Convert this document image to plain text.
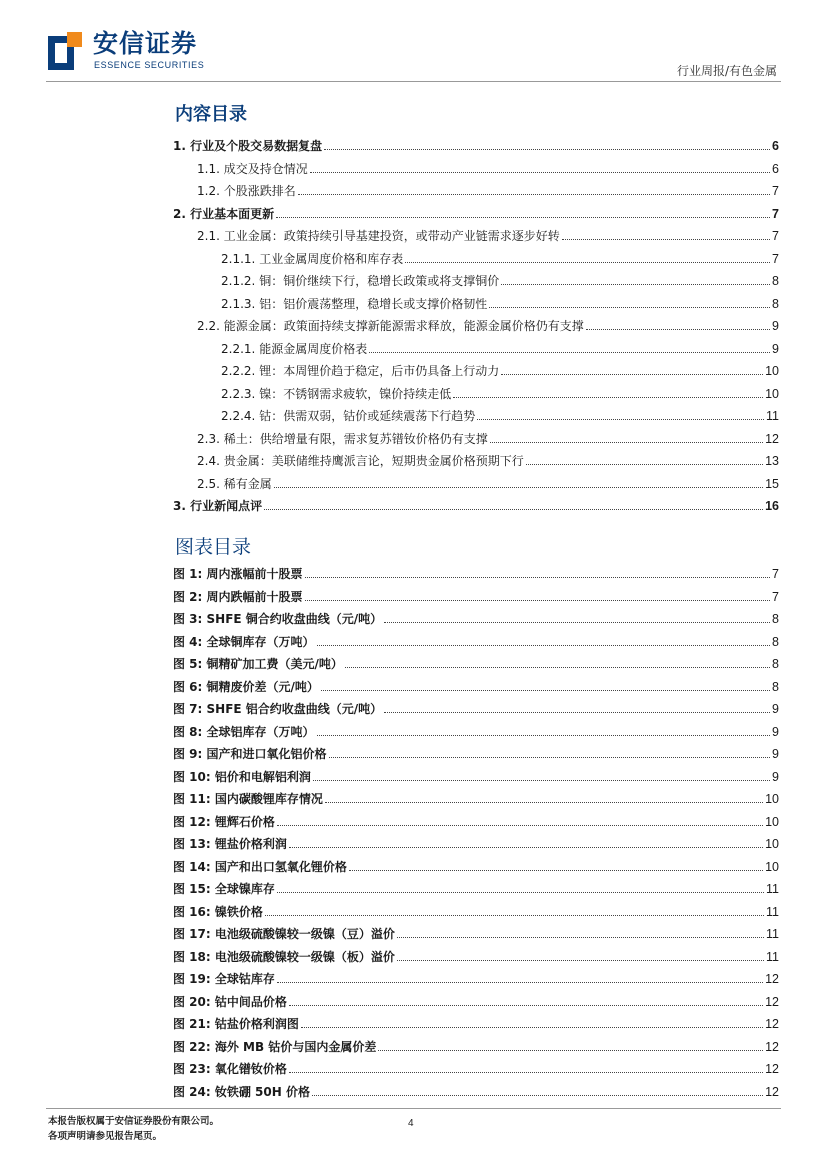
安信证券
ESSENCE SECURITIES	行业周报/有色金属
内容目录
1. 行业及个股交易数据复盘	6
1.1. 成交及持仓情况	6
1.2. 个股涨跌排名	7
2. 行业基本面更新	7
2.1. 工业金属：政策持续引导基建投资，或带动产业链需求逐步好转	7
2.1.1. 工业金属周度价格和库存表	7
2.1.2. 铜：铜价继续下行，稳增长政策或将支撑铜价	8
2.1.3. 铝：铝价震荡整理，稳增长或支撑价格韧性	8
2.2. 能源金属：政策面持续支撑新能源需求释放，能源金属价格仍有支撑	9
2.2.1. 能源金属周度价格表	9
2.2.2. 锂：本周锂价趋于稳定，后市仍具备上行动力	10
2.2.3. 镍：不锈钢需求疲软，镍价持续走低	10
2.2.4. 钴：供需双弱，钴价或延续震荡下行趋势	11
2.3. 稀土：供给增量有限，需求复苏镨钕价格仍有支撑	12
2.4. 贵金属：美联储维持鹰派言论，短期贵金属价格预期下行	13
2.5. 稀有金属	15
3. 行业新闻点评	16
图表目录
图 1: 周内涨幅前十股票	7
图 2: 周内跌幅前十股票	7
图 3: SHFE 铜合约收盘曲线（元/吨）	8
图 4: 全球铜库存（万吨）	8
图 5: 铜精矿加工费（美元/吨）	8
图 6: 铜精废价差（元/吨）	8
图 7: SHFE 铝合约收盘曲线（元/吨）	9
图 8: 全球铝库存（万吨）	9
图 9: 国产和进口氧化铝价格	9
图 10: 铝价和电解铝利润	9
图 11: 国内碳酸锂库存情况	10
图 12: 锂辉石价格	10
图 13: 锂盐价格利润	10
图 14: 国产和出口氢氧化锂价格	10
图 15: 全球镍库存	11
图 16: 镍铁价格	11
图 17: 电池级硫酸镍较一级镍（豆）溢价	11
图 18: 电池级硫酸镍较一级镍（板）溢价	11
图 19: 全球钴库存	12
图 20: 钴中间品价格	12
图 21: 钴盐价格利润图	12
图 22: 海外 MB 钴价与国内金属价差	12
图 23: 氧化镨钕价格	12
图 24: 钕铁硼 50H 价格	12
本报告版权属于安信证券股份有限公司。
各项声明请参见报告尾页。
4
